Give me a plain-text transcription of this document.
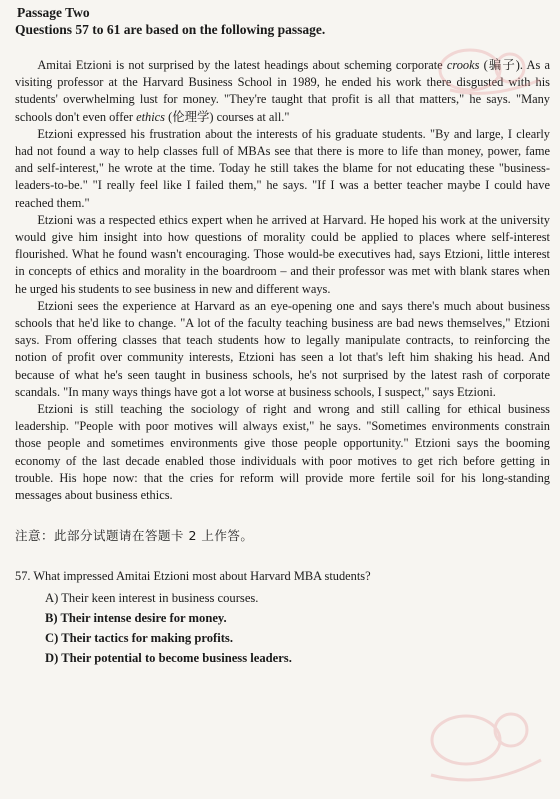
Passage Two

Questions 57 to 61 are based on the following passage.

Amitai Etzioni is not surprised by the latest headings about scheming corporate crooks (骗子). As a visiting professor at the Harvard Business School in 1989, he ended his work there disgusted with his students' overwhelming lust for money. "They're taught that profit is all that matters," he says. "Many schools don't even offer ethics (伦理学) courses at all."

Etzioni expressed his frustration about the interests of his graduate students. "By and large, I clearly had not found a way to help classes full of MBAs see that there is more to life than money, power, fame and self-interest," he wrote at the time. Today he still takes the blame for not educating these "business-leaders-to-be." "I really feel like I failed them," he says. "If I was a better teacher maybe I could have reached them."

Etzioni was a respected ethics expert when he arrived at Harvard. He hoped his work at the university would give him insight into how questions of morality could be applied to places where self-interest flourished. What he found wasn't encouraging. Those would-be executives had, says Etzioni, little interest in concepts of ethics and morality in the boardroom – and their professor was met with blank stares when he urged his students to see business in new and different ways.

Etzioni sees the experience at Harvard as an eye-opening one and says there's much about business schools that he'd like to change. "A lot of the faculty teaching business are bad news themselves," Etzioni says. From offering classes that teach students how to legally manipulate contracts, to reinforcing the notion of profit over community interests, Etzioni has seen a lot that's left him shaking his head. And because of what he's seen taught in business schools, he's not surprised by the latest rash of corporate scandals. "In many ways things have got a lot worse at business schools, I suspect," says Etzioni.

Etzioni is still teaching the sociology of right and wrong and still calling for ethical business leadership. "People with poor motives will always exist," he says. "Sometimes environments constrain those people and sometimes environments give those people opportunity." Etzioni says the booming economy of the last decade enabled those individuals with poor motives to get rich before getting in trouble. His hope now: that the cries for reform will provide more fertile soil for his long-standing messages about business ethics.

注意：此部分试题请在答题卡 2 上作答。

57. What impressed Amitai Etzioni most about Harvard MBA students?

A) Their keen interest in business courses.
B) Their intense desire for money.
C) Their tactics for making profits.
D) Their potential to become business leaders.
